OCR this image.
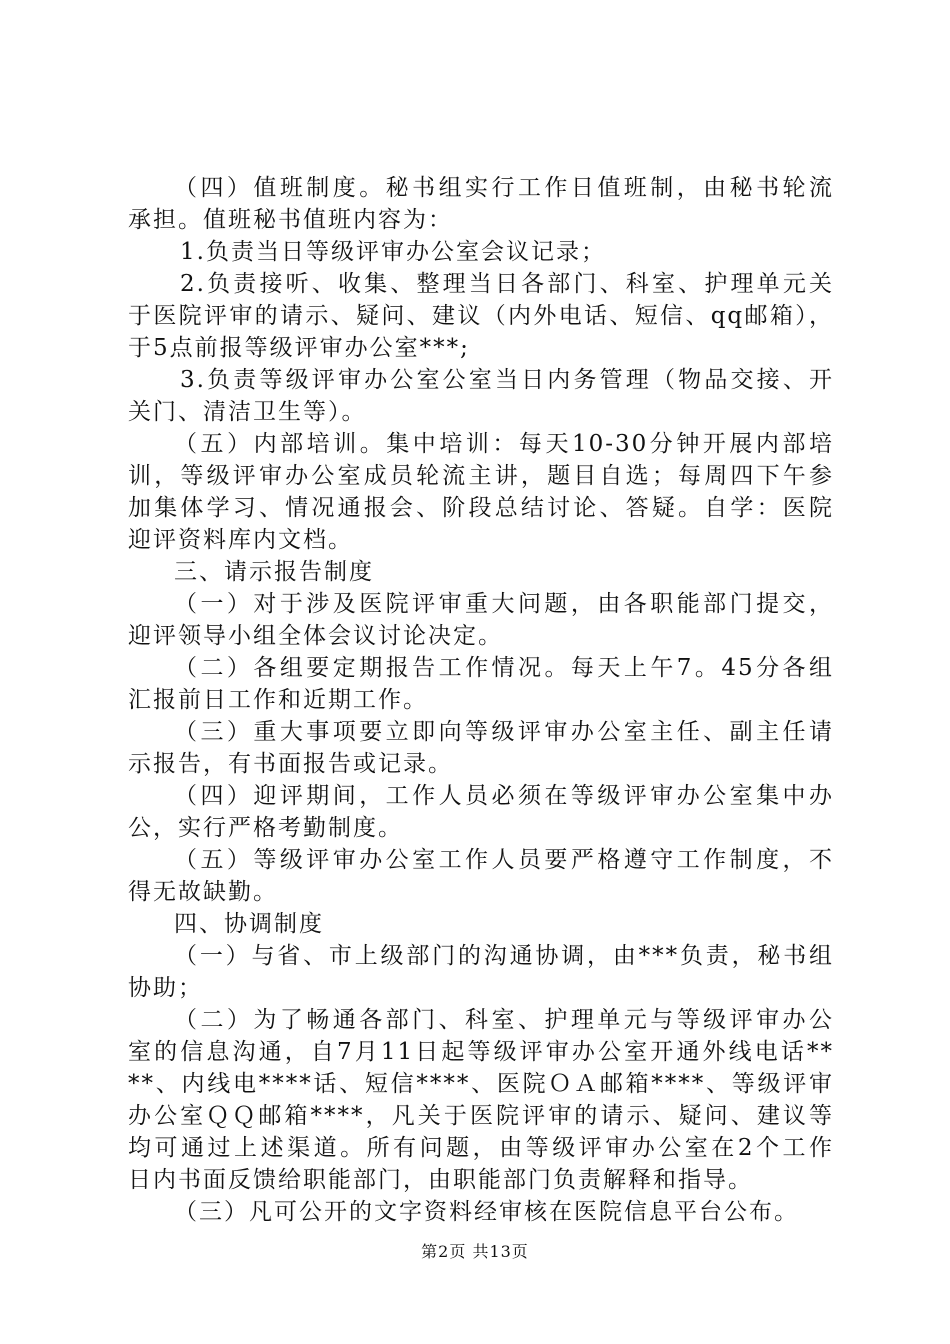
（四）值班制度。秘书组实行工作日值班制，由秘书轮流
承担。值班秘书值班内容为：
1.负责当日等级评审办公室会议记录；
2.负责接听、收集、整理当日各部门、科室、护理单元关
于医院评审的请示、疑问、建议（内外电话、短信、qq邮箱），
于5点前报等级评审办公室***;
3.负责等级评审办公室公室当日内务管理（物品交接、开
关门、清洁卫生等）。
（五）内部培训。集中培训：每天10-30分钟开展内部培
训，等级评审办公室成员轮流主讲，题目自选；每周四下午参
加集体学习、情况通报会、阶段总结讨论、答疑。自学：医院
迎评资料库内文档。
三、请示报告制度
（一）对于涉及医院评审重大问题，由各职能部门提交，
迎评领导小组全体会议讨论决定。
（二）各组要定期报告工作情况。每天上午7。45分各组
汇报前日工作和近期工作。
（三）重大事项要立即向等级评审办公室主任、副主任请
示报告，有书面报告或记录。
（四）迎评期间，工作人员必须在等级评审办公室集中办
公，实行严格考勤制度。
（五）等级评审办公室工作人员要严格遵守工作制度，不
得无故缺勤。
四、协调制度
（一）与省、市上级部门的沟通协调，由***负责，秘书组
协助；
（二）为了畅通各部门、科室、护理单元与等级评审办公
室的信息沟通，自7月11日起等级评审办公室开通外线电话**
**、内线电****话、短信****、医院ＯＡ邮箱****、等级评审
办公室ＱＱ邮箱****，凡关于医院评审的请示、疑问、建议等
均可通过上述渠道。所有问题，由等级评审办公室在2个工作
日内书面反馈给职能部门，由职能部门负责解释和指导。
（三）凡可公开的文字资料经审核在医院信息平台公布。
第2页 共13页
